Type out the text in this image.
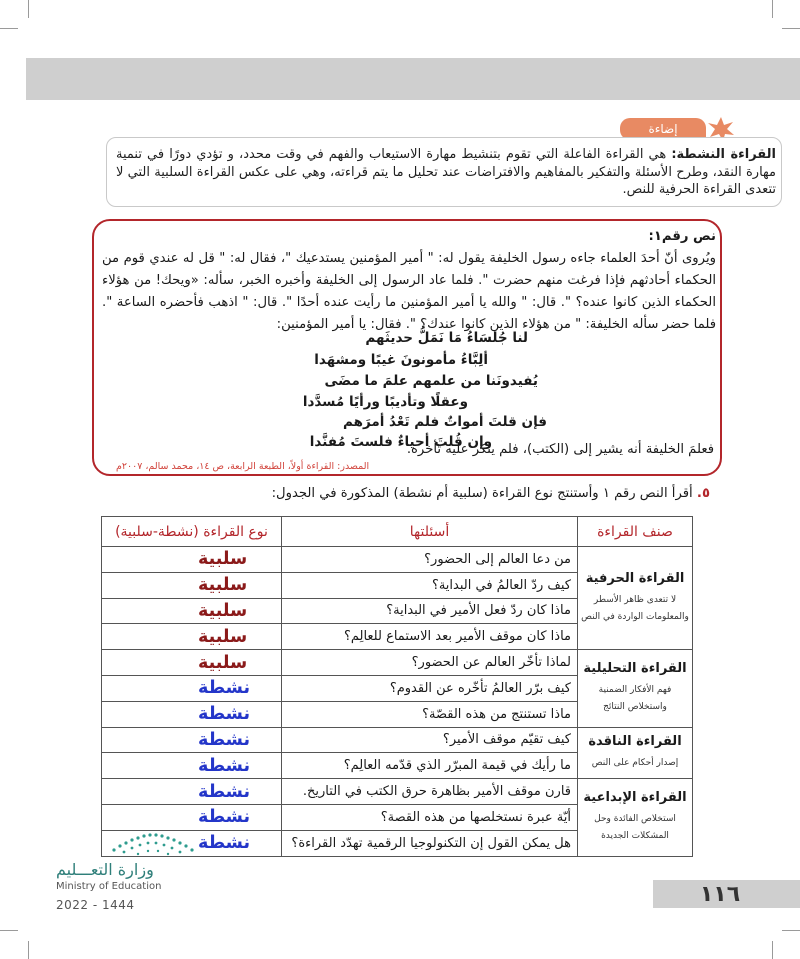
إضاءة
القراءة النشطة: هي القراءة الفاعلة التي تقوم بتنشيط مهارة الاستيعاب والفهم في وقت محدد، و تؤدي دورًا في تنمية مهارة النقد، وطرح الأسئلة والتفكير بالمفاهيم والافتراضات عند تحليل ما يتم قراءته، وهي على عكس القراءة السلبية التي لا تتعدى القراءة الحرفية للنص.
نص رقم١:
ويُروى أنّ أحدَ العلماء جاءه رسول الخليفة يقول له: " أمير المؤمنين يستدعيك "، فقال له: " قل له عندي قوم من الحكماء أحادثهم فإذا فرغت منهم حضرت ". فلما عاد الرسول إلى الخليفة وأخبره الخبر، سأله: «ويحك! من هؤلاء الحكماء الذين كانوا عنده؟ ". قال: " والله يا أمير المؤمنين ما رأيت عنده أحدًا ". قال: " اذهب فأحضره الساعة ". فلما حضر سأله الخليفة: " من هؤلاء الذين كانوا عندك؟ ". فقال: يا أمير المؤمنين:
لنا جُلسَاءُ مَا نَمَلُّ حديثَهم
ألِبَّاءُ مأمونونَ غيبًا ومشهَدا
يُفيدونَنا من علمهم علمَ ما مضَى
وعقلًا وتأديبًا ورأيًا مُسدَّدا
فإن قلتَ أمواتٌ فلم تَعْدُ أمرَهم
وإن قُلتَ أحياءٌ فلستَ مُفنَّدا
فعلمَ الخليفة أنه يشير إلى (الكتب)، فلم ينكر عليه تأخره.
المصدر: القراءة أولاً، الطبعة الرابعة، ص ١٤، محمد سالم، ٢٠٠٧م
٥. أقرأ النص رقم ١ وأستنتج نوع القراءة (سلبية أم نشطة) المذكورة في الجدول:
صنف القراءة	أسئلتها	نوع القراءة (نشطة-سلبية)

القراءة الحرفية
لا تتعدى ظاهر الأسطر والمعلومات الواردة في النص	من دعا العالم إلى الحضور؟	سلبية
	كيف ردّ العالمُ في البداية؟	سلبية
	ماذا كان ردّ فعل الأمير في البداية؟	سلبية
	ماذا كان موقف الأمير بعد الاستماع للعالِم؟	سلبية

القراءة التحليلية
فهم الأفكار الضمنية واستخلاص النتائج	لماذا تأخّر العالم عن الحضور؟	سلبية
	كيف برّر العالمُ تأخّره عن القدوم؟	نشطة
	ماذا تستنتج من هذه القصّة؟	نشطة

القراءة الناقدة
إصدار أحكام على النص	كيف تقيّم موقف الأمير؟	نشطة
	ما رأيك في قيمة المبرّر الذي قدّمه العالِم؟	نشطة

القراءة الإبداعية
استخلاص الفائدة وحل المشكلات الجديدة	قارن موقف الأمير بظاهرة حرق الكتب في التاريخ.	نشطة
	أيّة عبرة نستخلصها من هذه القصة؟	نشطة
	هل يمكن القول إن التكنولوجيا الرقمية تهدّد القراءة؟	نشطة
وزارة التعـــليم
Ministry of Education
2022 - 1444	١١٦
